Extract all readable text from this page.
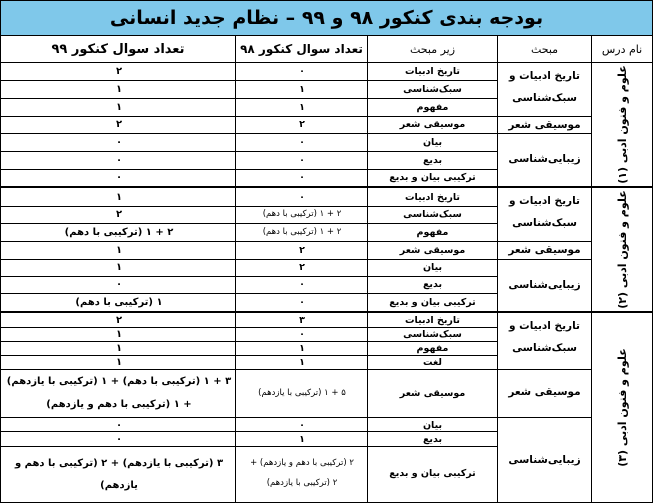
بودجه بندی کنکور ۹۸ و ۹۹ – نظام جدید انسانی
نام درس
مبحث
زیر مبحث
تعداد سوال کنکور ۹۸
تعداد سوال کنکور ۹۹
علوم و فنون ادبی (۱)
تاریخ ادبیات و
سبک‌شناسی
موسیقی شعر
زیبایی‌شناسی
تاریخ ادبیات
سبک‌شناسی
مفهوم
موسیقی شعر
بیان
بدیع
ترکیبی بیان و بدیع
۰
۱
۱
۲
۰
۰
۰
۲
۱
۱
۲
۰
۰
۰
علوم و فنون ادبی (۲)
تاریخ ادبیات و
سبک‌شناسی
موسیقی شعر
زیبایی‌شناسی
تاریخ ادبیات
سبک‌شناسی
مفهوم
موسیقی شعر
بیان
بدیع
ترکیبی بیان و بدیع
۰
۲ + ۱ (ترکیبی با دهم)
۲ + ۱ (ترکیبی با دهم)
۲
۲
۰
۰
۱
۲
۲ + ۱ (ترکیبی با دهم)
۱
۱
۰
۱ (ترکیبی با دهم)
علوم و فنون ادبی (۳)
تاریخ ادبیات و
سبک‌شناسی
موسیقی شعر
زیبایی‌شناسی
تاریخ ادبیات
سبک‌شناسی
مفهوم
لغت
موسیقی شعر
بیان
بدیع
ترکیبی بیان و بدیع
۳
۰
۱
۱
۵ + ۱ (ترکیبی با یازدهم)
۰
۱
۲ (ترکیبی با دهم و یازدهم) +
۲ (ترکیبی با یازدهم)
۲
۱
۱
۱
۳ + ۱ (ترکیبی با دهم) + ۱ (ترکیبی با یازدهم)
+ ۱ (ترکیبی با دهم و یازدهم)
۰
۰
۳ (ترکیبی با یازدهم) + ۲ (ترکیبی با دهم و
یازدهم)
